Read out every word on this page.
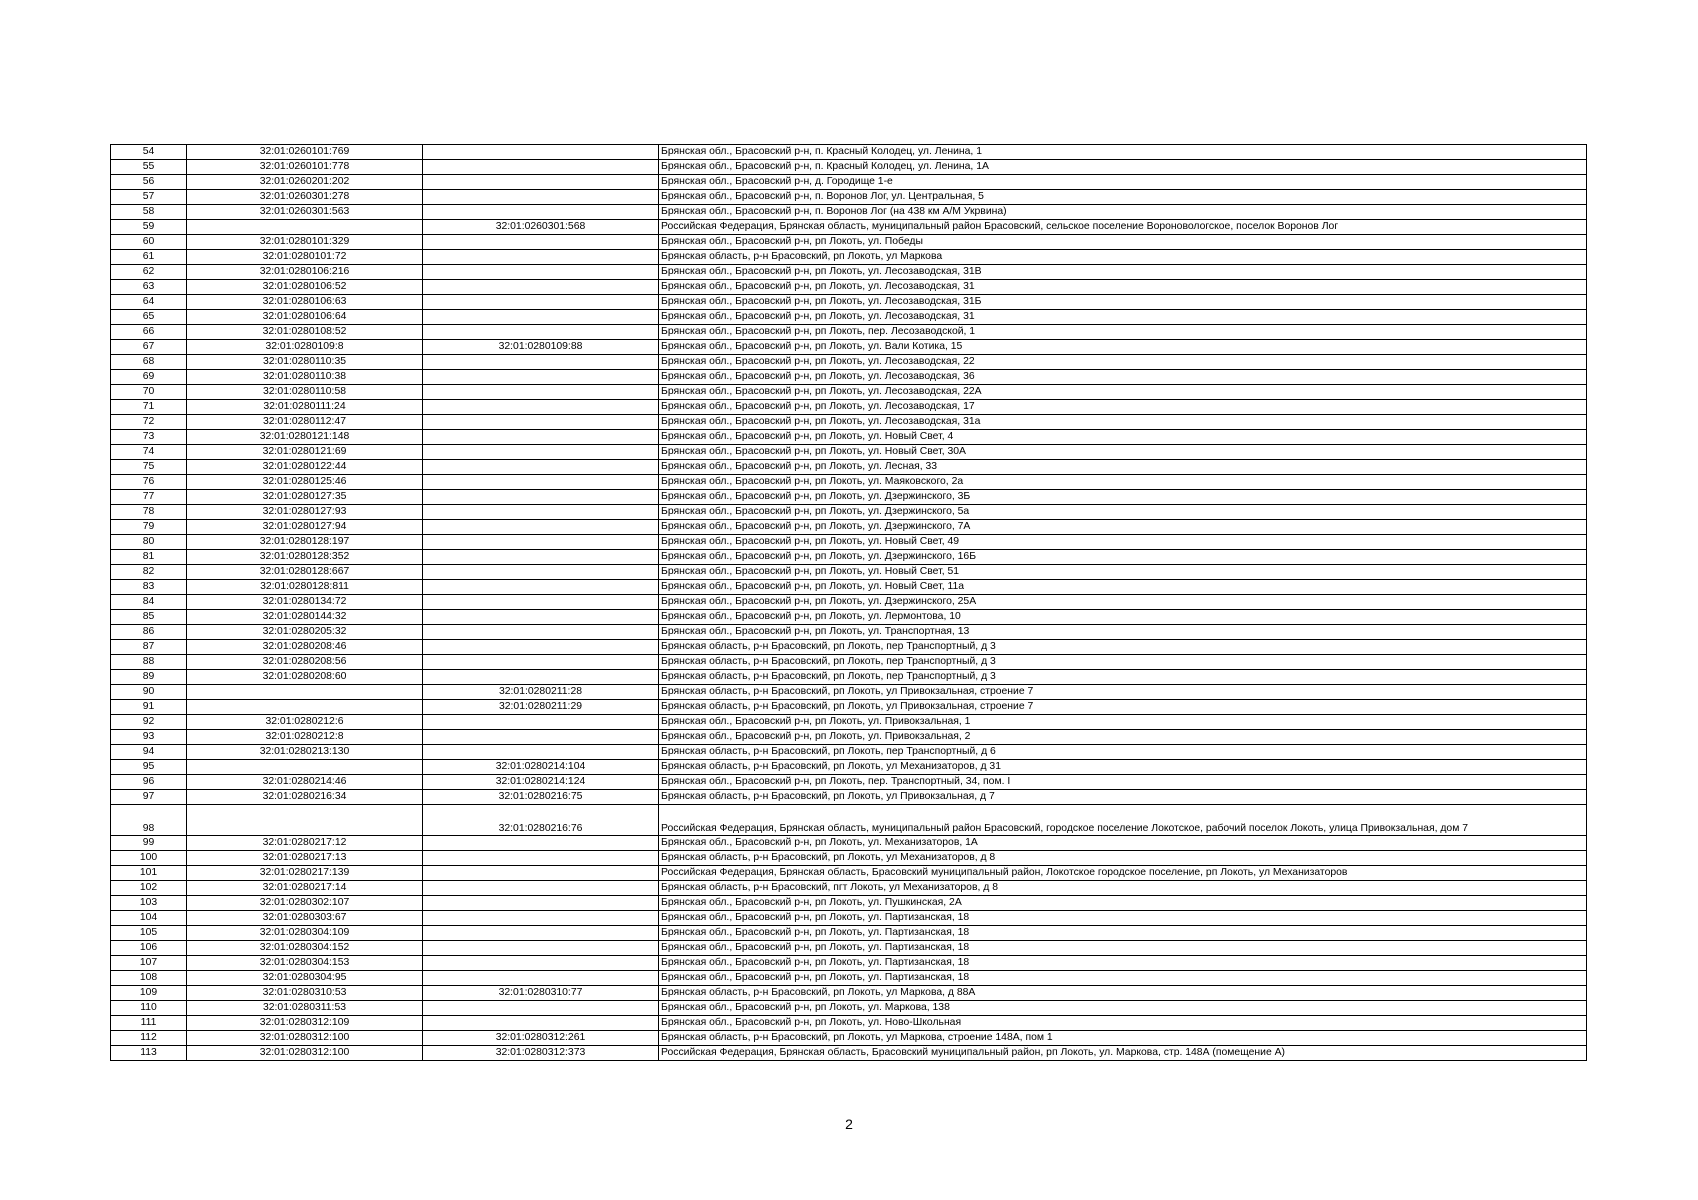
54	32:01:0260101:769		Брянская обл., Брасовский р-н, п. Красный Колодец, ул. Ленина, 1
55	32:01:0260101:778		Брянская обл., Брасовский р-н, п. Красный Колодец, ул. Ленина, 1А
56	32:01:0260201:202		Брянская обл., Брасовский р-н, д. Городище 1-е
57	32:01:0260301:278		Брянская обл., Брасовский р-н, п. Воронов Лог, ул. Центральная, 5
58	32:01:0260301:563		Брянская обл., Брасовский р-н, п. Воронов Лог (на 438 км А/М Укрвина)
59		32:01:0260301:568	Российская Федерация, Брянская область, муниципальный район Брасовский, сельское поселение Вороновологское, поселок Воронов Лог
60	32:01:0280101:329		Брянская обл., Брасовский р-н, рп Локоть, ул. Победы
61	32:01:0280101:72		Брянская область, р-н Брасовский, рп Локоть, ул Маркова
62	32:01:0280106:216		Брянская обл., Брасовский р-н, рп Локоть, ул. Лесозаводская, 31В
63	32:01:0280106:52		Брянская обл., Брасовский р-н, рп Локоть, ул. Лесозаводская, 31
64	32:01:0280106:63		Брянская обл., Брасовский р-н, рп Локоть, ул. Лесозаводская, 31Б
65	32:01:0280106:64		Брянская обл., Брасовский р-н, рп Локоть, ул. Лесозаводская, 31
66	32:01:0280108:52		Брянская обл., Брасовский р-н, рп Локоть, пер. Лесозаводской, 1
67	32:01:0280109:8	32:01:0280109:88	Брянская обл., Брасовский р-н, рп Локоть, ул. Вали Котика, 15
68	32:01:0280110:35		Брянская обл., Брасовский р-н, рп Локоть, ул. Лесозаводская, 22
69	32:01:0280110:38		Брянская обл., Брасовский р-н, рп Локоть, ул. Лесозаводская, 36
70	32:01:0280110:58		Брянская обл., Брасовский р-н, рп Локоть, ул. Лесозаводская, 22А
71	32:01:0280111:24		Брянская обл., Брасовский р-н, рп Локоть, ул. Лесозаводская, 17
72	32:01:0280112:47		Брянская обл., Брасовский р-н, рп Локоть, ул. Лесозаводская, 31а
73	32:01:0280121:148		Брянская обл., Брасовский р-н, рп Локоть, ул. Новый Свет, 4
74	32:01:0280121:69		Брянская обл., Брасовский р-н, рп Локоть, ул. Новый Свет, 30А
75	32:01:0280122:44		Брянская обл., Брасовский р-н, рп Локоть, ул. Лесная, 33
76	32:01:0280125:46		Брянская обл., Брасовский р-н, рп Локоть, ул. Маяковского, 2а
77	32:01:0280127:35		Брянская обл., Брасовский р-н, рп Локоть, ул. Дзержинского, 3Б
78	32:01:0280127:93		Брянская обл., Брасовский р-н, рп Локоть, ул. Дзержинского, 5а
79	32:01:0280127:94		Брянская обл., Брасовский р-н, рп Локоть, ул. Дзержинского, 7А
80	32:01:0280128:197		Брянская обл., Брасовский р-н, рп Локоть, ул. Новый Свет, 49
81	32:01:0280128:352		Брянская обл., Брасовский р-н, рп Локоть, ул. Дзержинского, 16Б
82	32:01:0280128:667		Брянская обл., Брасовский р-н, рп Локоть, ул. Новый Свет, 51
83	32:01:0280128:811		Брянская обл., Брасовский р-н, рп Локоть, ул. Новый Свет, 11а
84	32:01:0280134:72		Брянская обл., Брасовский р-н, рп Локоть, ул. Дзержинского, 25А
85	32:01:0280144:32		Брянская обл., Брасовский р-н, рп Локоть, ул. Лермонтова, 10
86	32:01:0280205:32		Брянская обл., Брасовский р-н, рп Локоть, ул. Транспортная, 13
87	32:01:0280208:46		Брянская область, р-н Брасовский, рп Локоть, пер Транспортный, д 3
88	32:01:0280208:56		Брянская область, р-н Брасовский, рп Локоть, пер Транспортный, д 3
89	32:01:0280208:60		Брянская область, р-н Брасовский, рп Локоть, пер Транспортный, д 3
90		32:01:0280211:28	Брянская область, р-н Брасовский, рп Локоть, ул Привокзальная, строение 7
91		32:01:0280211:29	Брянская область, р-н Брасовский, рп Локоть, ул Привокзальная, строение 7
92	32:01:0280212:6		Брянская обл., Брасовский р-н, рп Локоть, ул. Привокзальная, 1
93	32:01:0280212:8		Брянская обл., Брасовский р-н, рп Локоть, ул. Привокзальная, 2
94	32:01:0280213:130		Брянская область, р-н Брасовский, рп Локоть, пер Транспортный, д 6
95		32:01:0280214:104	Брянская область, р-н Брасовский, рп Локоть, ул Механизаторов, д 31
96	32:01:0280214:46	32:01:0280214:124	Брянская обл., Брасовский р-н, рп Локоть, пер. Транспортный, 34, пом. I
97	32:01:0280216:34	32:01:0280216:75	Брянская область, р-н Брасовский, рп Локоть, ул Привокзальная, д 7
98		32:01:0280216:76	Российская Федерация, Брянская область, муниципальный район Брасовский, городское поселение Локотское, рабочий поселок Локоть, улица Привокзальная, дом 7
99	32:01:0280217:12		Брянская обл., Брасовский р-н, рп Локоть, ул. Механизаторов, 1А
100	32:01:0280217:13		Брянская область, р-н Брасовский, рп Локоть, ул Механизаторов, д 8
101	32:01:0280217:139		Российская Федерация, Брянская область, Брасовский муниципальный район, Локотское городское поселение, рп Локоть, ул Механизаторов
102	32:01:0280217:14		Брянская область, р-н Брасовский, пгт Локоть, ул Механизаторов, д 8
103	32:01:0280302:107		Брянская обл., Брасовский р-н, рп Локоть, ул. Пушкинская, 2А
104	32:01:0280303:67		Брянская обл., Брасовский р-н, рп Локоть, ул. Партизанская, 18
105	32:01:0280304:109		Брянская обл., Брасовский р-н, рп Локоть, ул. Партизанская, 18
106	32:01:0280304:152		Брянская обл., Брасовский р-н, рп Локоть, ул. Партизанская, 18
107	32:01:0280304:153		Брянская обл., Брасовский р-н, рп Локоть, ул. Партизанская, 18
108	32:01:0280304:95		Брянская обл., Брасовский р-н, рп Локоть, ул. Партизанская, 18
109	32:01:0280310:53	32:01:0280310:77	Брянская область, р-н Брасовский, рп Локоть, ул Маркова, д 88А
110	32:01:0280311:53		Брянская обл., Брасовский р-н, рп Локоть, ул. Маркова, 138
111	32:01:0280312:109		Брянская обл., Брасовский р-н, рп Локоть, ул. Ново-Школьная
112	32:01:0280312:100	32:01:0280312:261	Брянская область, р-н Брасовский, рп Локоть, ул Маркова, строение 148А, пом 1
113	32:01:0280312:100	32:01:0280312:373	Российская Федерация, Брянская область, Брасовский муниципальный район, рп Локоть, ул. Маркова, стр. 148А (помещение А)
2
